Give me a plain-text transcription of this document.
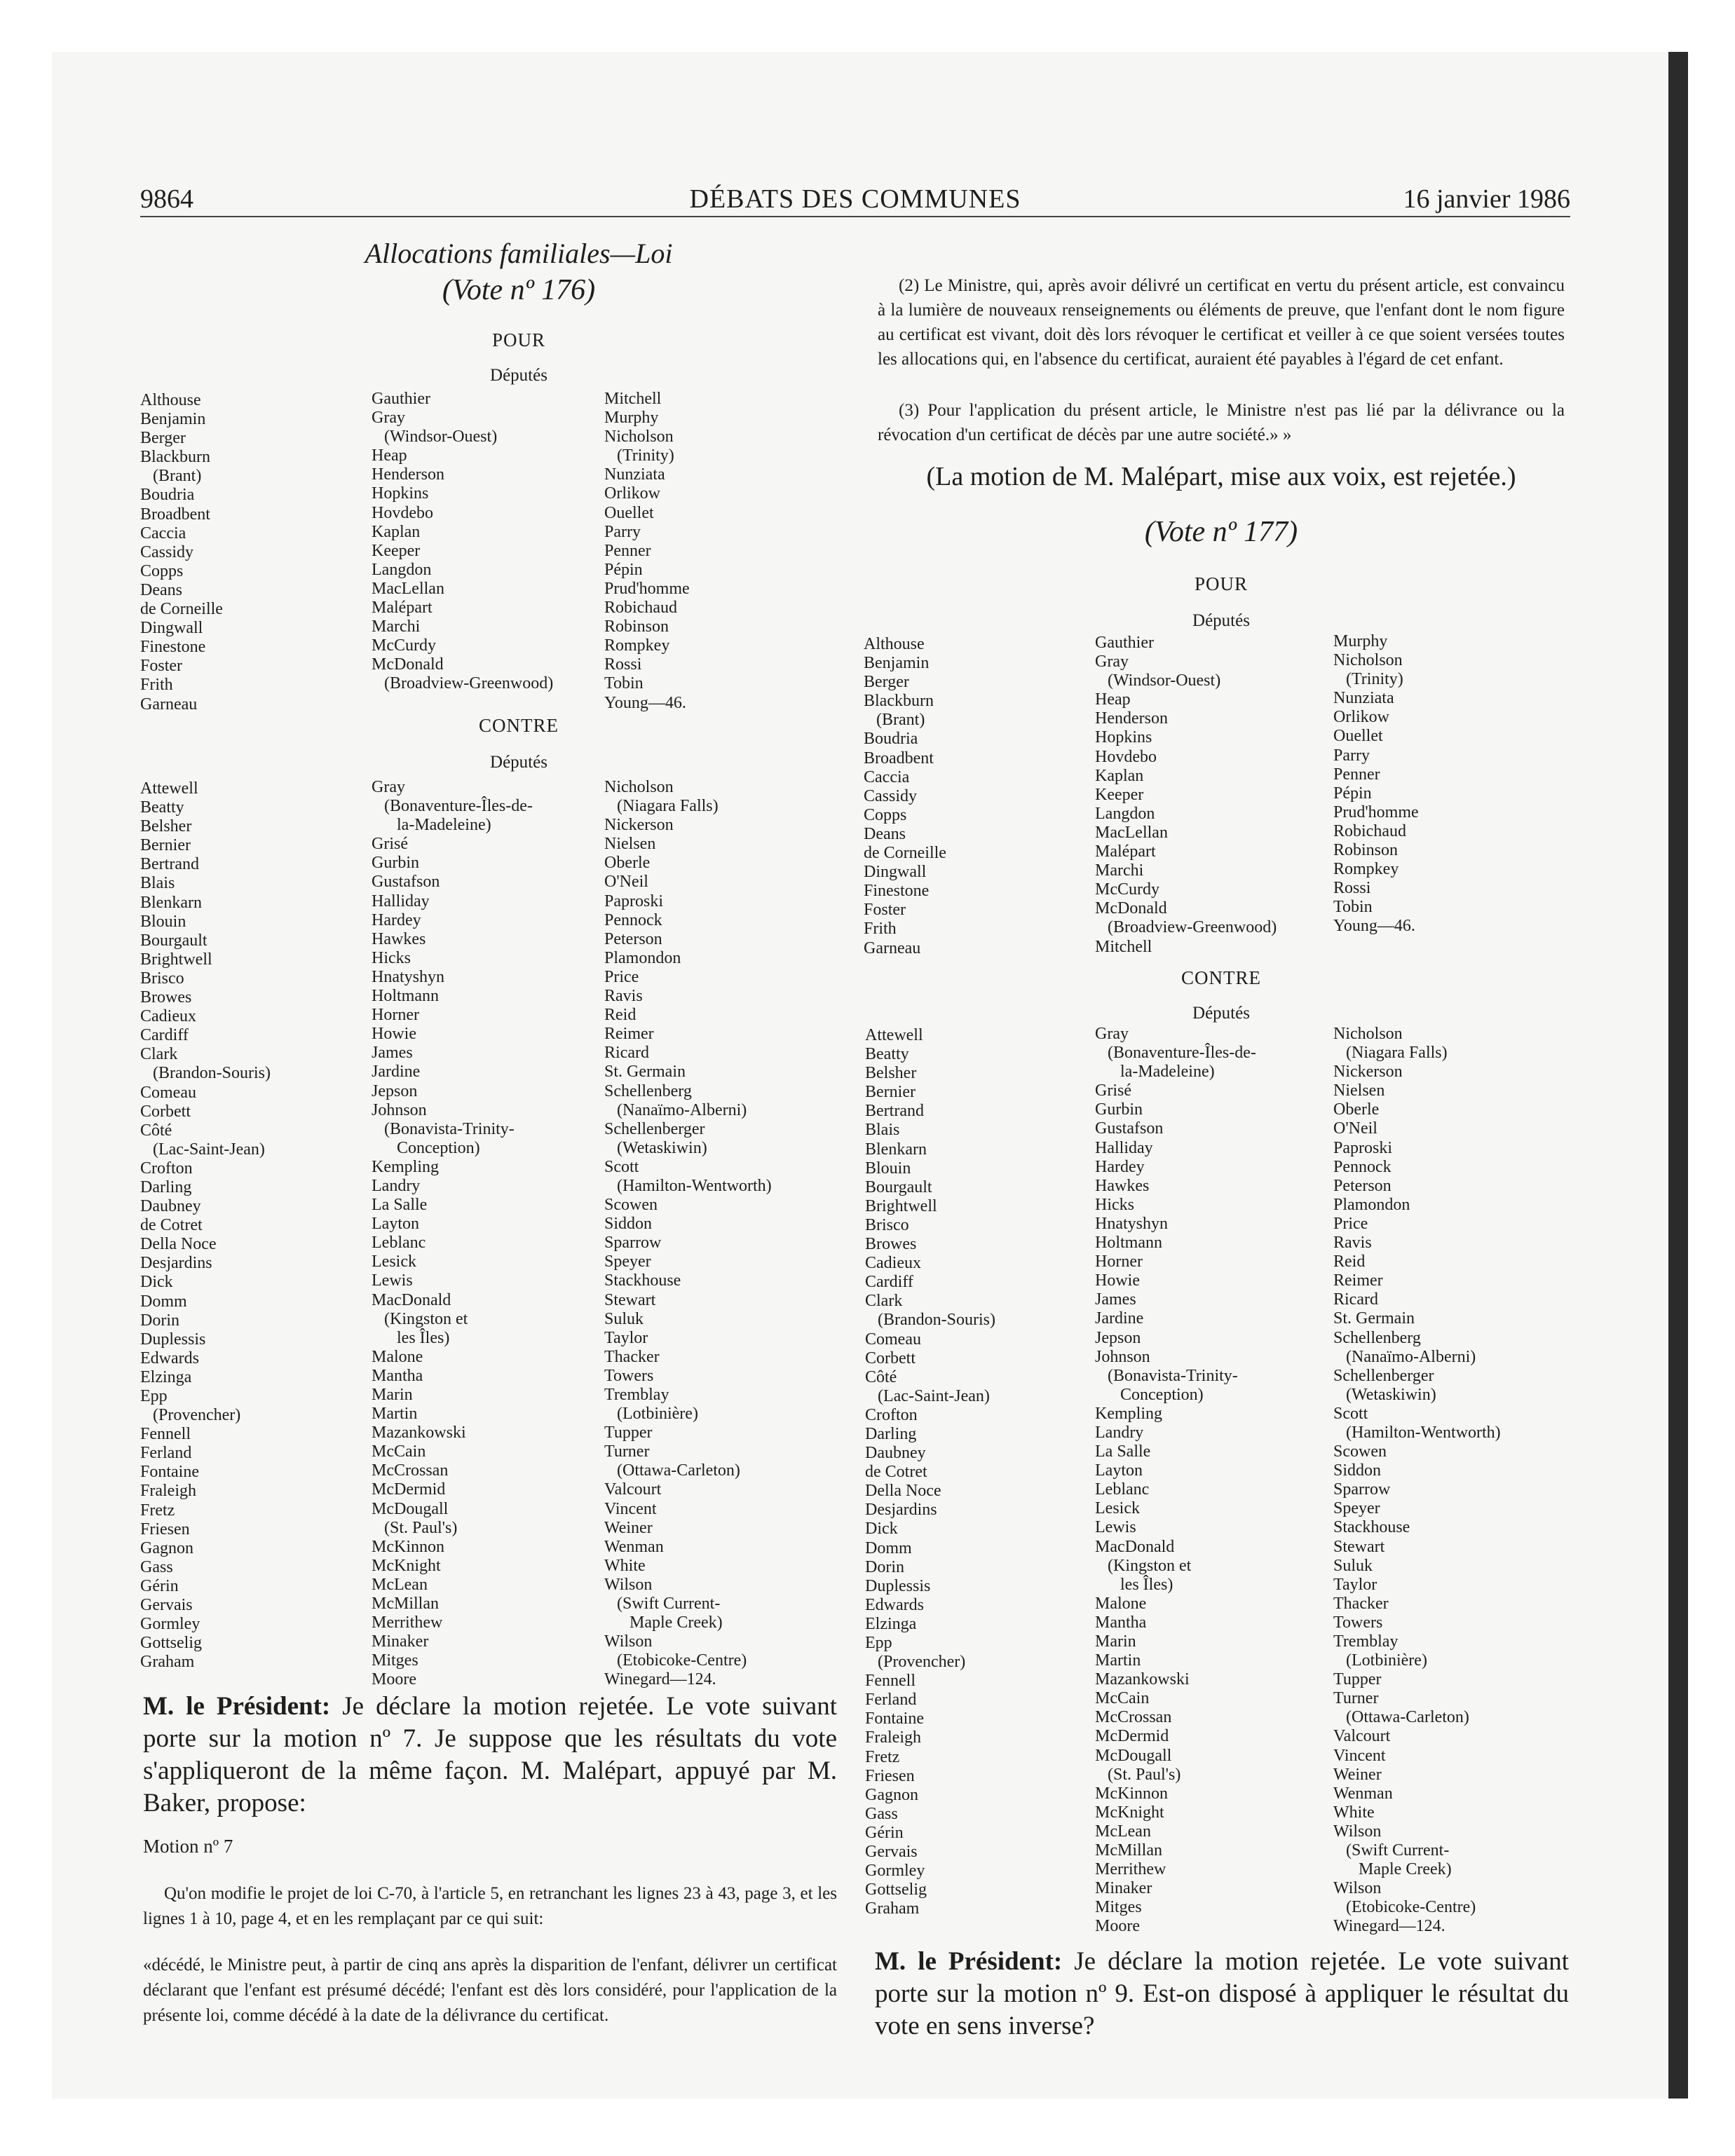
9864	DÉBATS DES COMMUNES	16 janvier 1986
Allocations familiales—Loi
(Vote nº 176)
POUR
Députés
Althouse
Benjamin
Berger
Blackburn
(Brant)
Boudria
Broadbent
Caccia
Cassidy
Copps
Deans
de Corneille
Dingwall
Finestone
Foster
Frith
Garneau
Gauthier
Gray
(Windsor-Ouest)
Heap
Henderson
Hopkins
Hovdebo
Kaplan
Keeper
Langdon
MacLellan
Malépart
Marchi
McCurdy
McDonald
(Broadview-Greenwood)
Mitchell
Murphy
Nicholson
(Trinity)
Nunziata
Orlikow
Ouellet
Parry
Penner
Pépin
Prud'homme
Robichaud
Robinson
Rompkey
Rossi
Tobin
Young—46.
CONTRE
Députés
Attewell
Beatty
Belsher
Bernier
Bertrand
Blais
Blenkarn
Blouin
Bourgault
Brightwell
Brisco
Browes
Cadieux
Cardiff
Clark
(Brandon-Souris)
Comeau
Corbett
Côté
(Lac-Saint-Jean)
Crofton
Darling
Daubney
de Cotret
Della Noce
Desjardins
Dick
Domm
Dorin
Duplessis
Edwards
Elzinga
Epp
(Provencher)
Fennell
Ferland
Fontaine
Fraleigh
Fretz
Friesen
Gagnon
Gass
Gérin
Gervais
Gormley
Gottselig
Graham
Gray
(Bonaventure-Îles-de-
la-Madeleine)
Grisé
Gurbin
Gustafson
Halliday
Hardey
Hawkes
Hicks
Hnatyshyn
Holtmann
Horner
Howie
James
Jardine
Jepson
Johnson
(Bonavista-Trinity-
Conception)
Kempling
Landry
La Salle
Layton
Leblanc
Lesick
Lewis
MacDonald
(Kingston et
les Îles)
Malone
Mantha
Marin
Martin
Mazankowski
McCain
McCrossan
McDermid
McDougall
(St. Paul's)
McKinnon
McKnight
McLean
McMillan
Merrithew
Minaker
Mitges
Moore
Nicholson
(Niagara Falls)
Nickerson
Nielsen
Oberle
O'Neil
Paproski
Pennock
Peterson
Plamondon
Price
Ravis
Reid
Reimer
Ricard
St. Germain
Schellenberg
(Nanaïmo-Alberni)
Schellenberger
(Wetaskiwin)
Scott
(Hamilton-Wentworth)
Scowen
Siddon
Sparrow
Speyer
Stackhouse
Stewart
Suluk
Taylor
Thacker
Towers
Tremblay
(Lotbinière)
Tupper
Turner
(Ottawa-Carleton)
Valcourt
Vincent
Weiner
Wenman
White
Wilson
(Swift Current-
Maple Creek)
Wilson
(Etobicoke-Centre)
Winegard—124.
M. le Président: Je déclare la motion rejetée. Le vote suivant porte sur la motion nº 7. Je suppose que les résultats du vote s'appliqueront de la même façon. M. Malépart, appuyé par M. Baker, propose:
Motion nº 7
Qu'on modifie le projet de loi C-70, à l'article 5, en retranchant les lignes 23 à 43, page 3, et les lignes 1 à 10, page 4, et en les remplaçant par ce qui suit:
«décédé, le Ministre peut, à partir de cinq ans après la disparition de l'enfant, délivrer un certificat déclarant que l'enfant est présumé décédé; l'enfant est dès lors considéré, pour l'application de la présente loi, comme décédé à la date de la délivrance du certificat.
(2) Le Ministre, qui, après avoir délivré un certificat en vertu du présent article, est convaincu à la lumière de nouveaux renseignements ou éléments de preuve, que l'enfant dont le nom figure au certificat est vivant, doit dès lors révoquer le certificat et veiller à ce que soient versées toutes les allocations qui, en l'absence du certificat, auraient été payables à l'égard de cet enfant.
(3) Pour l'application du présent article, le Ministre n'est pas lié par la délivrance ou la révocation d'un certificat de décès par une autre société.» »
(La motion de M. Malépart, mise aux voix, est rejetée.)
(Vote nº 177)
POUR
Députés
Althouse
Benjamin
Berger
Blackburn
(Brant)
Boudria
Broadbent
Caccia
Cassidy
Copps
Deans
de Corneille
Dingwall
Finestone
Foster
Frith
Garneau
Gauthier
Gray
(Windsor-Ouest)
Heap
Henderson
Hopkins
Hovdebo
Kaplan
Keeper
Langdon
MacLellan
Malépart
Marchi
McCurdy
McDonald
(Broadview-Greenwood)
Mitchell
Murphy
Nicholson
(Trinity)
Nunziata
Orlikow
Ouellet
Parry
Penner
Pépin
Prud'homme
Robichaud
Robinson
Rompkey
Rossi
Tobin
Young—46.
CONTRE
Députés
Attewell
Beatty
Belsher
Bernier
Bertrand
Blais
Blenkarn
Blouin
Bourgault
Brightwell
Brisco
Browes
Cadieux
Cardiff
Clark
(Brandon-Souris)
Comeau
Corbett
Côté
(Lac-Saint-Jean)
Crofton
Darling
Daubney
de Cotret
Della Noce
Desjardins
Dick
Domm
Dorin
Duplessis
Edwards
Elzinga
Epp
(Provencher)
Fennell
Ferland
Fontaine
Fraleigh
Fretz
Friesen
Gagnon
Gass
Gérin
Gervais
Gormley
Gottselig
Graham
Gray
(Bonaventure-Îles-de-
la-Madeleine)
Grisé
Gurbin
Gustafson
Halliday
Hardey
Hawkes
Hicks
Hnatyshyn
Holtmann
Horner
Howie
James
Jardine
Jepson
Johnson
(Bonavista-Trinity-
Conception)
Kempling
Landry
La Salle
Layton
Leblanc
Lesick
Lewis
MacDonald
(Kingston et
les Îles)
Malone
Mantha
Marin
Martin
Mazankowski
McCain
McCrossan
McDermid
McDougall
(St. Paul's)
McKinnon
McKnight
McLean
McMillan
Merrithew
Minaker
Mitges
Moore
Nicholson
(Niagara Falls)
Nickerson
Nielsen
Oberle
O'Neil
Paproski
Pennock
Peterson
Plamondon
Price
Ravis
Reid
Reimer
Ricard
St. Germain
Schellenberg
(Nanaïmo-Alberni)
Schellenberger
(Wetaskiwin)
Scott
(Hamilton-Wentworth)
Scowen
Siddon
Sparrow
Speyer
Stackhouse
Stewart
Suluk
Taylor
Thacker
Towers
Tremblay
(Lotbinière)
Tupper
Turner
(Ottawa-Carleton)
Valcourt
Vincent
Weiner
Wenman
White
Wilson
(Swift Current-
Maple Creek)
Wilson
(Etobicoke-Centre)
Winegard—124.
M. le Président: Je déclare la motion rejetée. Le vote suivant porte sur la motion nº 9. Est-on disposé à appliquer le résultat du vote en sens inverse?
